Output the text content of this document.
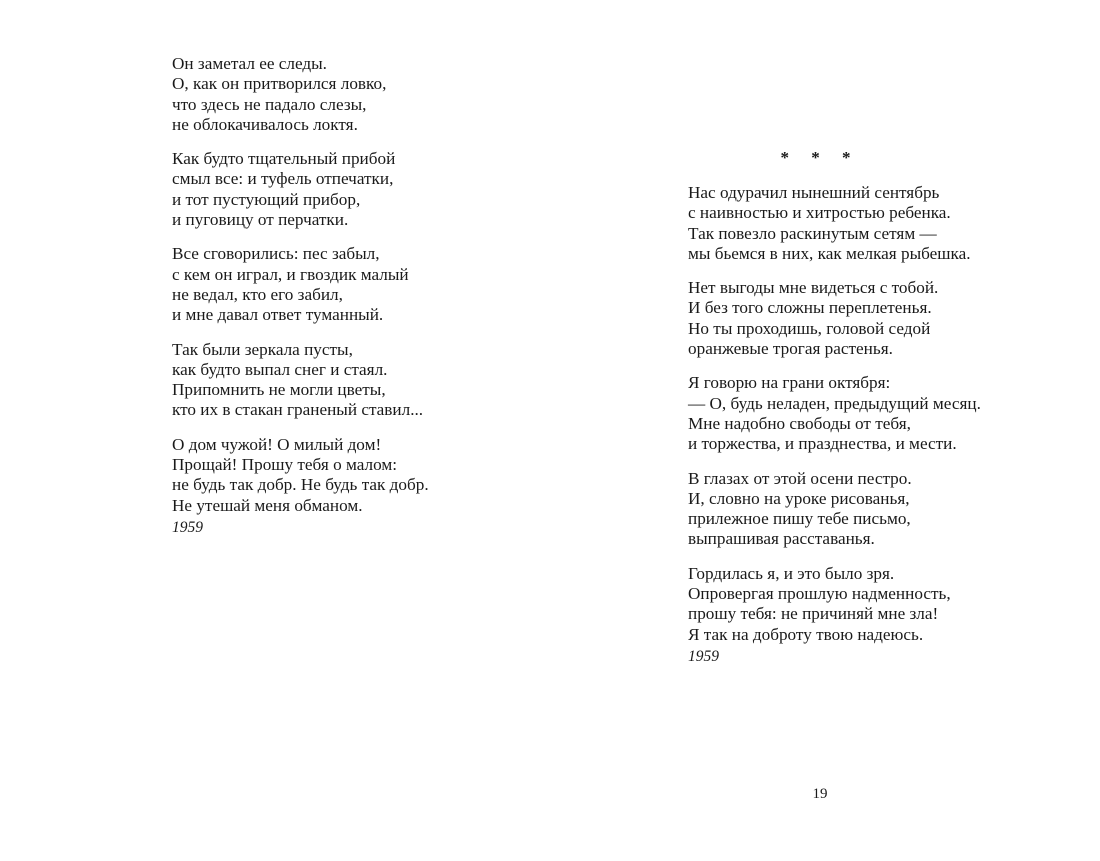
Он заметал ее следы.
О, как он притворился ловко,
что здесь не падало слезы,
не облокачивалось локтя.
Как будто тщательный прибой
смыл все: и туфель отпечатки,
и тот пустующий прибор,
и пуговицу от перчатки.
Все сговорились: пес забыл,
с кем он играл, и гвоздик малый
не ведал, кто его забил,
и мне давал ответ туманный.
Так были зеркала пусты,
как будто выпал снег и стаял.
Припомнить не могли цветы,
кто их в стакан граненый ставил...
О дом чужой! О милый дом!
Прощай! Прошу тебя о малом:
не будь так добр. Не будь так добр.
Не утешай меня обманом.
1959
* * *
Нас одурачил нынешний сентябрь
с наивностью и хитростью ребенка.
Так повезло раскинутым сетям —
мы бьемся в них, как мелкая рыбешка.
Нет выгоды мне видеться с тобой.
И без того сложны переплетенья.
Но ты проходишь, головой седой
оранжевые трогая растенья.
Я говорю на грани октября:
— О, будь неладен, предыдущий месяц.
Мне надобно свободы от тебя,
и торжества, и празднества, и мести.
В глазах от этой осени пестро.
И, словно на уроке рисованья,
прилежное пишу тебе письмо,
выпрашивая расставанья.
Гордилась я, и это было зря.
Опровергая прошлую надменность,
прошу тебя: не причиняй мне зла!
Я так на доброту твою надеюсь.
1959
19
